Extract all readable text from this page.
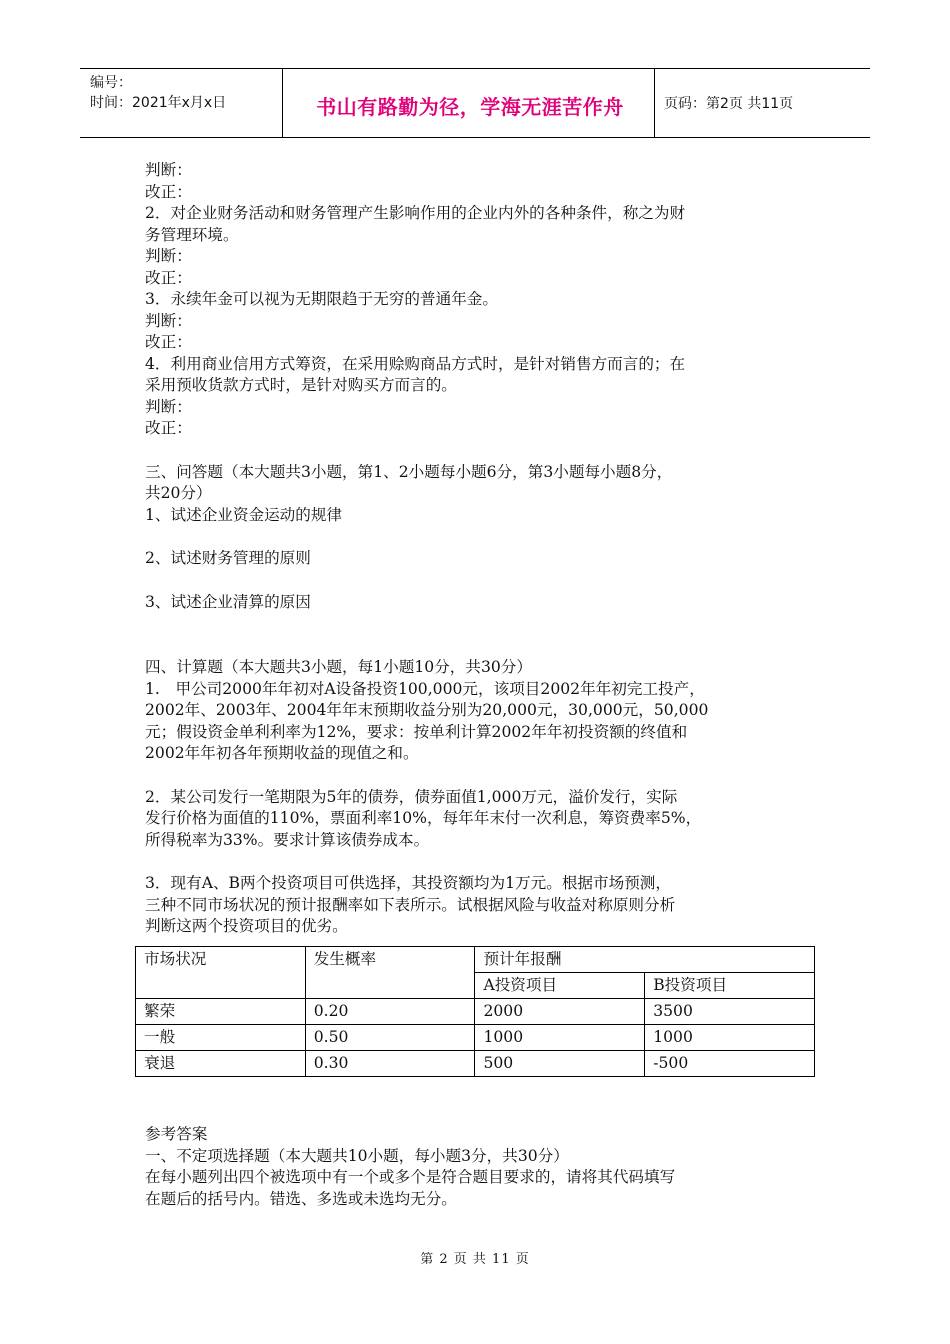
编号：
时间：2021年x月x日	书山有路勤为径，学海无涯苦作舟	页码：第2页 共11页

判断：

改正：

2．对企业财务活动和财务管理产生影响作用的企业内外的各种条件，称之为财

务管理环境。

判断：

改正：

3．永续年金可以视为无期限趋于无穷的普通年金。

判断：

改正：

4．利用商业信用方式筹资，在采用赊购商品方式时，是针对销售方而言的；在

采用预收货款方式时，是针对购买方而言的。

判断：

改正：

三、问答题（本大题共3小题，第1、2小题每小题6分，第3小题每小题8分，

共20分）

1、试述企业资金运动的规律

2、试述财务管理的原则

3、试述企业清算的原因

四、计算题（本大题共3小题，每1小题10分，共30分）

1.　甲公司2000年年初对A设备投资100,000元，该项目2002年年初完工投产，

2002年、2003年、2004年年末预期收益分别为20,000元，30,000元，50,000

元；假设资金单利利率为12%，要求：按单利计算2002年年初投资额的终值和

2002年年初各年预期收益的现值之和。

2．某公司发行一笔期限为5年的债券，债券面值1,000万元，溢价发行，实际

发行价格为面值的110%，票面利率10%，每年年末付一次利息，筹资费率5%，

所得税率为33%。要求计算该债券成本。

3．现有A、B两个投资项目可供选择，其投资额均为1万元。根据市场预测，

三种不同市场状况的预计报酬率如下表所示。试根据风险与收益对称原则分析

判断这两个投资项目的优劣。

市场状况	发生概率	预计年报酬	
		A投资项目	B投资项目
繁荣	0.20	2000	3500
一般	0.50	1000	1000
衰退	0.30	500	-500

参考答案

一、不定项选择题（本大题共10小题，每小题3分，共30分）

在每小题列出四个被选项中有一个或多个是符合题目要求的，请将其代码填写

在题后的括号内。错选、多选或未选均无分。

第 2 页 共 11 页
